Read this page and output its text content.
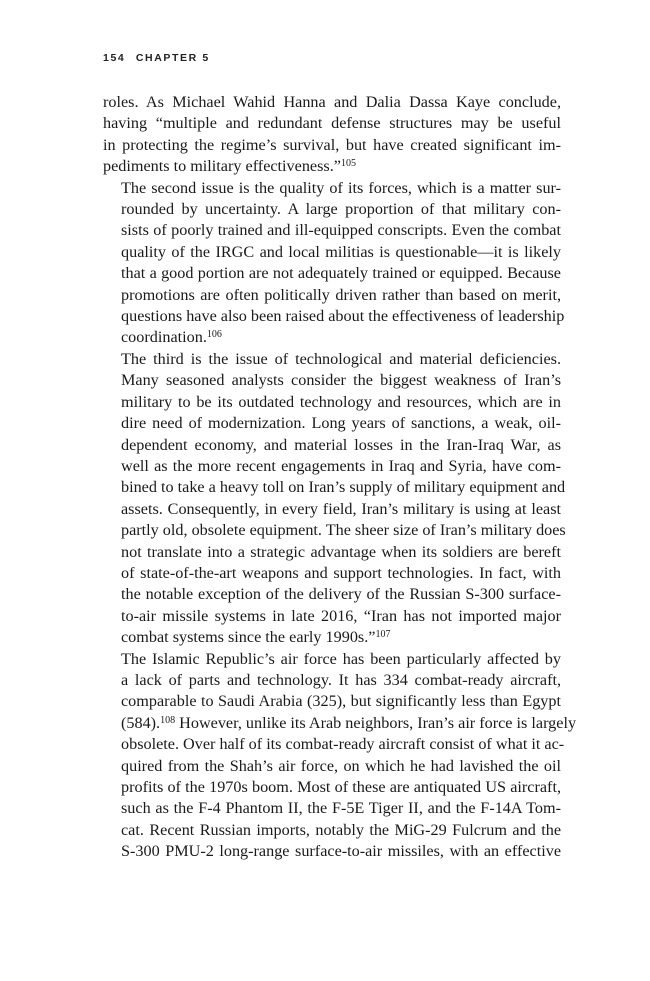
154 CHAPTER 5

roles. As Michael Wahid Hanna and Dalia Dassa Kaye conclude,
having “multiple and redundant defense structures may be useful
in protecting the regime’s survival, but have created significant im-
pediments to military effectiveness.”$^{105}$

The second issue is the quality of its forces, which is a matter sur-
rounded by uncertainty. A large proportion of that military con-
sists of poorly trained and ill-equipped conscripts. Even the combat
quality of the IRGC and local militias is questionable—it is likely
that a good portion are not adequately trained or equipped. Because
promotions are often politically driven rather than based on merit,
questions have also been raised about the effectiveness of leadership
coordination.$^{106}$

The third is the issue of technological and material deficiencies.
Many seasoned analysts consider the biggest weakness of Iran’s
military to be its outdated technology and resources, which are in
dire need of modernization. Long years of sanctions, a weak, oil-
dependent economy, and material losses in the Iran-Iraq War, as
well as the more recent engagements in Iraq and Syria, have com-
bined to take a heavy toll on Iran’s supply of military equipment and
assets. Consequently, in every field, Iran’s military is using at least
partly old, obsolete equipment. The sheer size of Iran’s military does
not translate into a strategic advantage when its soldiers are bereft
of state-of-the-art weapons and support technologies. In fact, with
the notable exception of the delivery of the Russian S-300 surface-
to-air missile systems in late 2016, “Iran has not imported major
combat systems since the early 1990s.”$^{107}$

The Islamic Republic’s air force has been particularly affected by
a lack of parts and technology. It has 334 combat-ready aircraft,
comparable to Saudi Arabia (325), but significantly less than Egypt
(584).$^{108}$ However, unlike its Arab neighbors, Iran’s air force is largely
obsolete. Over half of its combat-ready aircraft consist of what it ac-
quired from the Shah’s air force, on which he had lavished the oil
profits of the 1970s boom. Most of these are antiquated US aircraft,
such as the F-4 Phantom II, the F-5E Tiger II, and the F-14A Tom-
cat. Recent Russian imports, notably the MiG-29 Fulcrum and the
S-300 PMU-2 long-range surface-to-air missiles, with an effective
